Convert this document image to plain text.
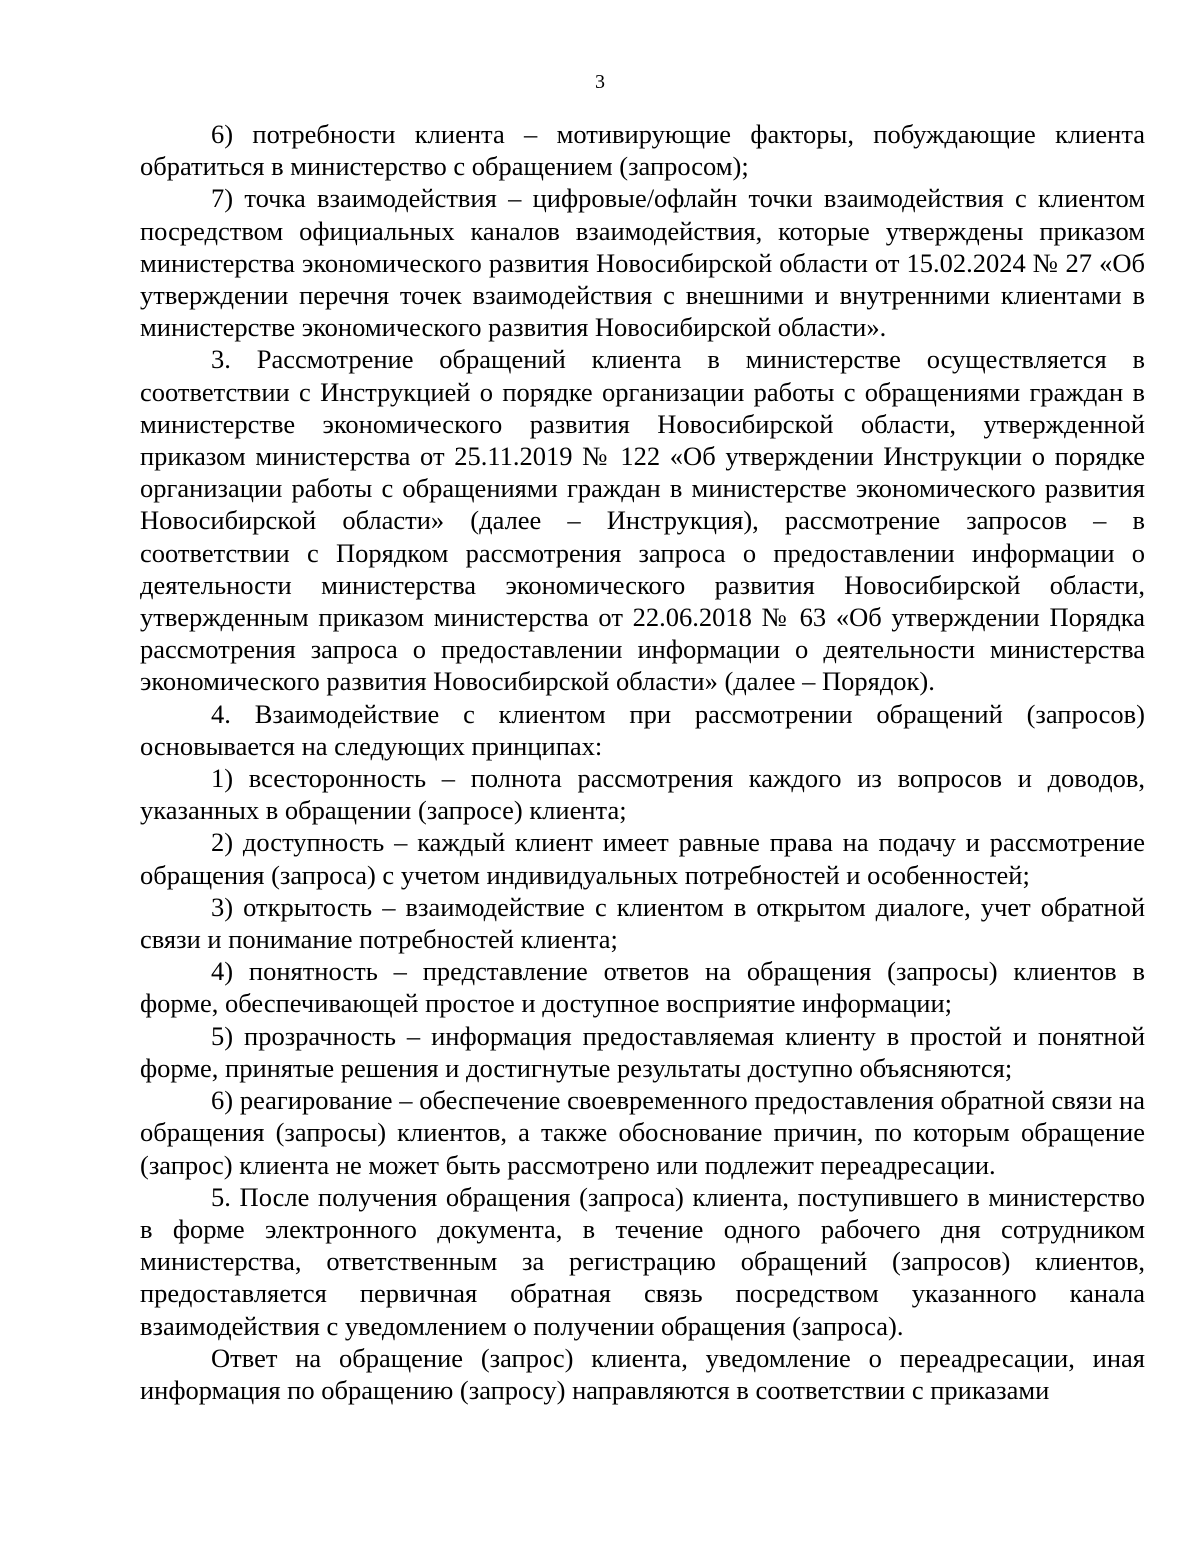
3

6) потребности клиента – мотивирующие факторы, побуждающие клиента обратиться в министерство с обращением (запросом);

7) точка взаимодействия – цифровые/офлайн точки взаимодействия с клиентом посредством официальных каналов взаимодействия, которые утверждены приказом министерства экономического развития Новосибирской области от 15.02.2024 № 27 «Об утверждении перечня точек взаимодействия с внешними и внутренними клиентами в министерстве экономического развития Новосибирской области».

3. Рассмотрение обращений клиента в министерстве осуществляется в соответствии с Инструкцией о порядке организации работы с обращениями граждан в министерстве экономического развития Новосибирской области, утвержденной приказом министерства от 25.11.2019 № 122 «Об утверждении Инструкции о порядке организации работы с обращениями граждан в министерстве экономического развития Новосибирской области» (далее – Инструкция), рассмотрение запросов – в соответствии с Порядком рассмотрения запроса о предоставлении информации о деятельности министерства экономического развития Новосибирской области, утвержденным приказом министерства от 22.06.2018 № 63 «Об утверждении Порядка рассмотрения запроса о предоставлении информации о деятельности министерства экономического развития Новосибирской области» (далее – Порядок).

4. Взаимодействие с клиентом при рассмотрении обращений (запросов) основывается на следующих принципах:

1) всесторонность – полнота рассмотрения каждого из вопросов и доводов, указанных в обращении (запросе) клиента;

2) доступность – каждый клиент имеет равные права на подачу и рассмотрение обращения (запроса) с учетом индивидуальных потребностей и особенностей;

3) открытость – взаимодействие с клиентом в открытом диалоге, учет обратной связи и понимание потребностей клиента;

4) понятность – представление ответов на обращения (запросы) клиентов в форме, обеспечивающей простое и доступное восприятие информации;

5) прозрачность – информация предоставляемая клиенту в простой и понятной форме, принятые решения и достигнутые результаты доступно объясняются;

6) реагирование – обеспечение своевременного предоставления обратной связи на обращения (запросы) клиентов, а также обоснование причин, по которым обращение (запрос) клиента не может быть рассмотрено или подлежит переадресации.

5. После получения обращения (запроса) клиента, поступившего в министерство в форме электронного документа, в течение одного рабочего дня сотрудником министерства, ответственным за регистрацию обращений (запросов) клиентов, предоставляется первичная обратная связь посредством указанного канала взаимодействия с уведомлением о получении обращения (запроса).

Ответ на обращение (запрос) клиента, уведомление о переадресации, иная информация по обращению (запросу) направляются в соответствии с приказами
